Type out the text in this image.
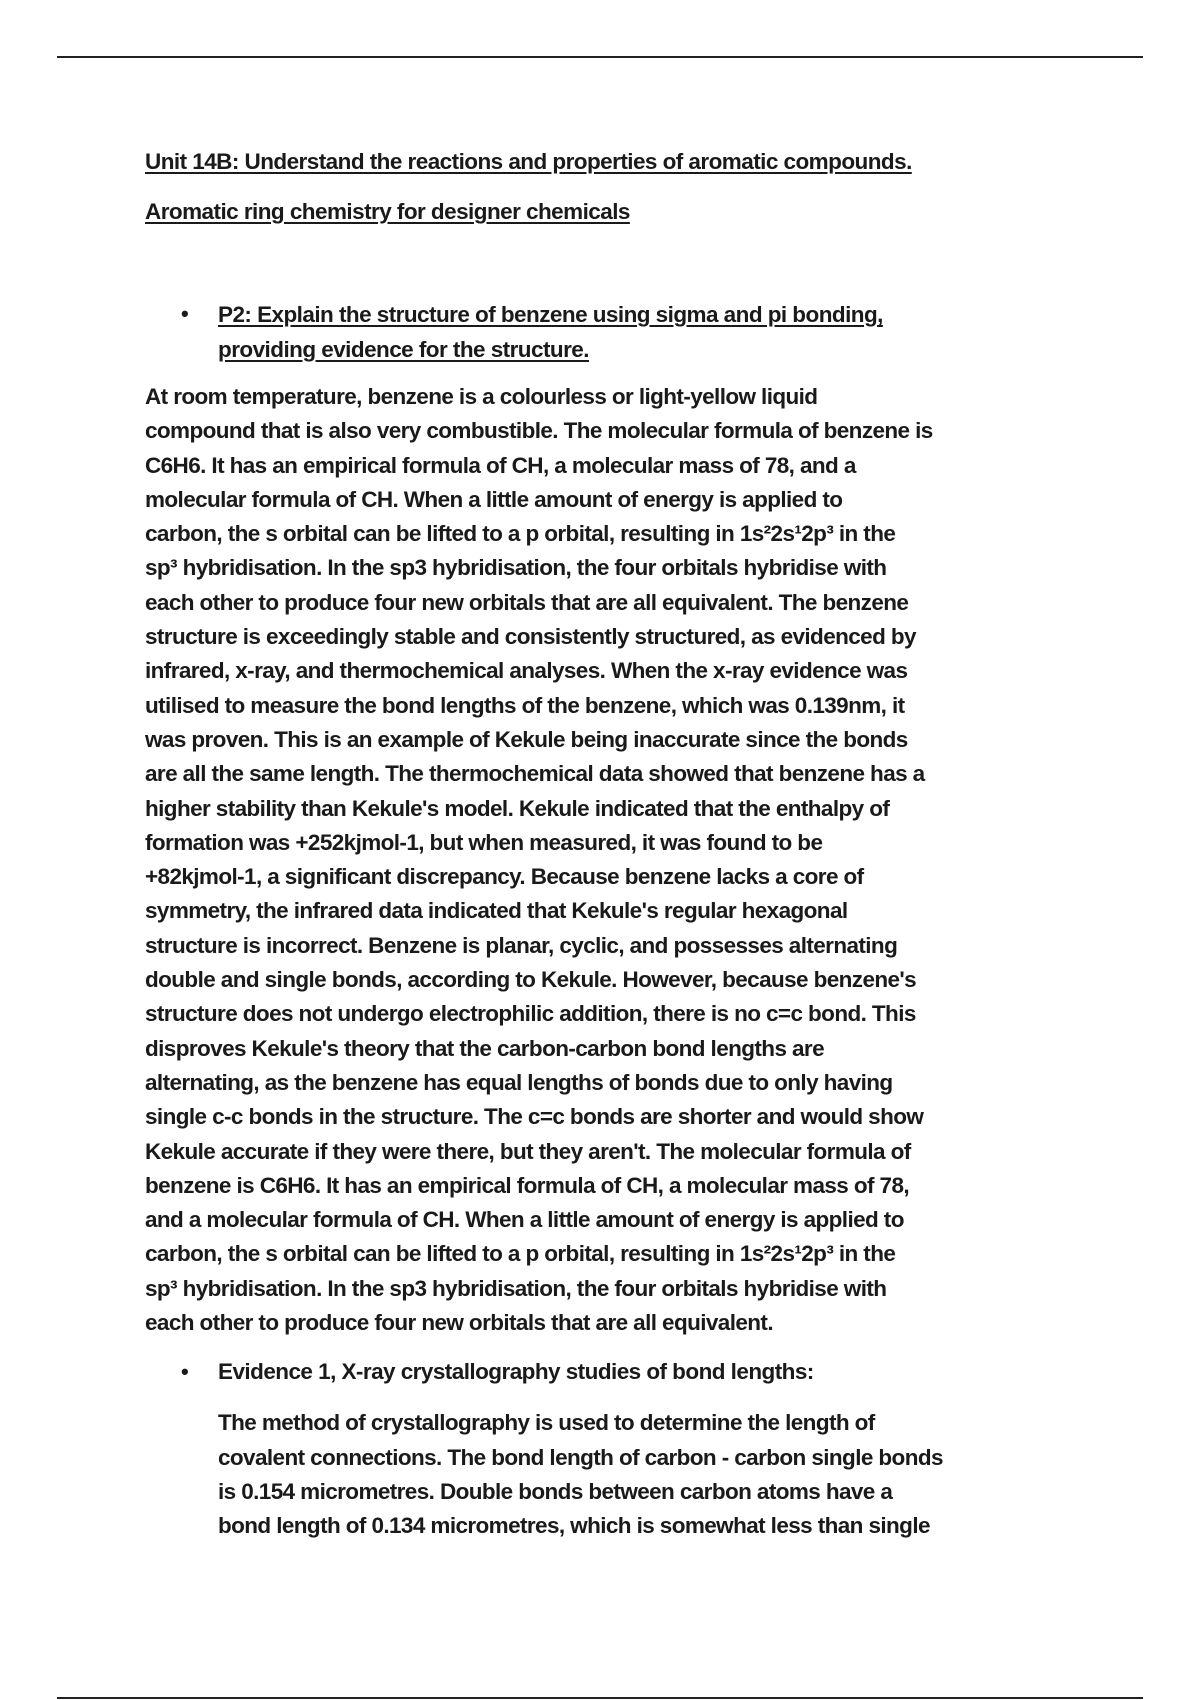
Unit 14B: Understand the reactions and properties of aromatic compounds.

Aromatic ring chemistry for designer chemicals

• P2: Explain the structure of benzene using sigma and pi bonding,
providing evidence for the structure.
At room temperature, benzene is a colourless or light-yellow liquid
compound that is also very combustible. The molecular formula of benzene is
C6H6. It has an empirical formula of CH, a molecular mass of 78, and a
molecular formula of CH. When a little amount of energy is applied to
carbon, the s orbital can be lifted to a p orbital, resulting in 1s²2s¹2p³ in the
sp³ hybridisation. In the sp3 hybridisation, the four orbitals hybridise with
each other to produce four new orbitals that are all equivalent. The benzene
structure is exceedingly stable and consistently structured, as evidenced by
infrared, x-ray, and thermochemical analyses. When the x-ray evidence was
utilised to measure the bond lengths of the benzene, which was 0.139nm, it
was proven. This is an example of Kekule being inaccurate since the bonds
are all the same length. The thermochemical data showed that benzene has a
higher stability than Kekule's model. Kekule indicated that the enthalpy of
formation was +252kjmol-1, but when measured, it was found to be
+82kjmol-1, a significant discrepancy. Because benzene lacks a core of
symmetry, the infrared data indicated that Kekule's regular hexagonal
structure is incorrect. Benzene is planar, cyclic, and possesses alternating
double and single bonds, according to Kekule. However, because benzene's
structure does not undergo electrophilic addition, there is no c=c bond. This
disproves Kekule's theory that the carbon-carbon bond lengths are
alternating, as the benzene has equal lengths of bonds due to only having
single c-c bonds in the structure. The c=c bonds are shorter and would show
Kekule accurate if they were there, but they aren't. The molecular formula of
benzene is C6H6. It has an empirical formula of CH, a molecular mass of 78,
and a molecular formula of CH. When a little amount of energy is applied to
carbon, the s orbital can be lifted to a p orbital, resulting in 1s²2s¹2p³ in the
sp³ hybridisation. In the sp3 hybridisation, the four orbitals hybridise with
each other to produce four new orbitals that are all equivalent.
• Evidence 1, X-ray crystallography studies of bond lengths:
The method of crystallography is used to determine the length of
covalent connections. The bond length of carbon - carbon single bonds
is 0.154 micrometres. Double bonds between carbon atoms have a
bond length of 0.134 micrometres, which is somewhat less than single
